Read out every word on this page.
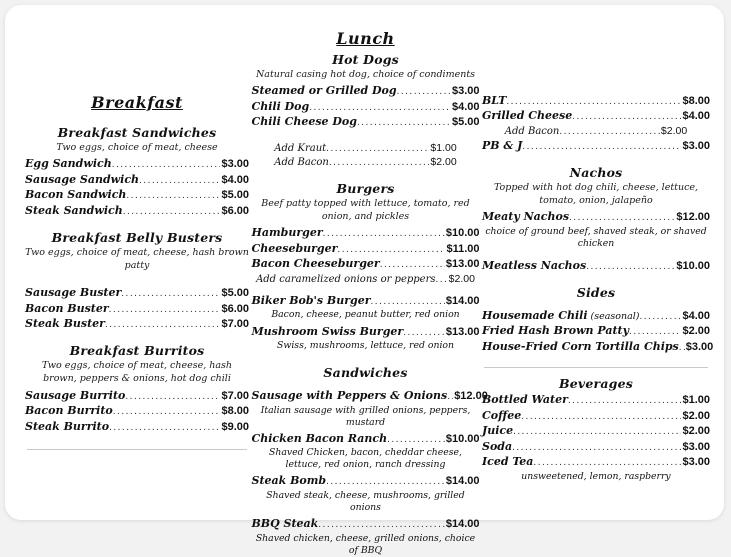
Breakfast
Breakfast Sandwiches
Two eggs, choice of meat, cheese
Egg Sandwich .....	$3.00
Sausage Sandwich .....	$4.00
Bacon Sandwich .....	$5.00
Steak Sandwich .....	$6.00
Breakfast Belly Busters
Two eggs, choice of meat, cheese, hash brown patty
Sausage Buster .....	$5.00
Bacon Buster .....	$6.00
Steak Buster .....	$7.00
Breakfast Burritos
Two eggs, choice of meat, cheese, hash brown, peppers & onions, hot dog chili
Sausage Burrito .....	$7.00
Bacon Burrito .....	$8.00
Steak Burrito .....	$9.00
Lunch
Hot Dogs
Natural casing hot dog, choice of condiments
Steamed or Grilled Dog .....	$3.00
Chili Dog .....	$4.00
Chili Cheese Dog .....	$5.00
Add Kraut .....	$1.00
Add Bacon .....	$2.00
Burgers
Beef patty topped with lettuce, tomato, red onion, and pickles
Hamburger .....	$10.00
Cheeseburger .....	$11.00
Bacon Cheeseburger .....	$13.00
Add caramelized onions or peppers ..... $2.00
Biker Bob's Burger .....	$14.00
Bacon, cheese, peanut butter, red onion
Mushroom Swiss Burger .....	$13.00
Swiss, mushrooms, lettuce, red onion
Sandwiches
Sausage with Peppers & Onions ..... $12.00
Italian sausage with grilled onions, peppers, mustard
Chicken Bacon Ranch .....	$10.00
Shaved Chicken, bacon, cheddar cheese, lettuce, red onion, ranch dressing
Steak Bomb .....	$14.00
Shaved steak, cheese, mushrooms, grilled onions
BBQ Steak .....	$14.00
Shaved chicken, cheese, grilled onions, choice of BBQ
BLT .....	$8.00
Grilled Cheese .....	$4.00
Add Bacon .....	$2.00
PB & J .....	$3.00
Nachos
Topped with hot dog chili, cheese, lettuce, tomato, onion, jalapeño
Meaty Nachos .....	$12.00
choice of ground beef, shaved steak, or shaved chicken
Meatless Nachos .....	$10.00
Sides
Housemade Chili (seasonal) .....	$4.00
Fried Hash Brown Patty .....	$2.00
House-Fried Corn Tortilla Chips ..... $3.00
Beverages
Bottled Water .....	$1.00
Coffee .....	$2.00
Juice .....	$2.00
Soda .....	$3.00
Iced Tea .....	$3.00
unsweetened, lemon, raspberry
